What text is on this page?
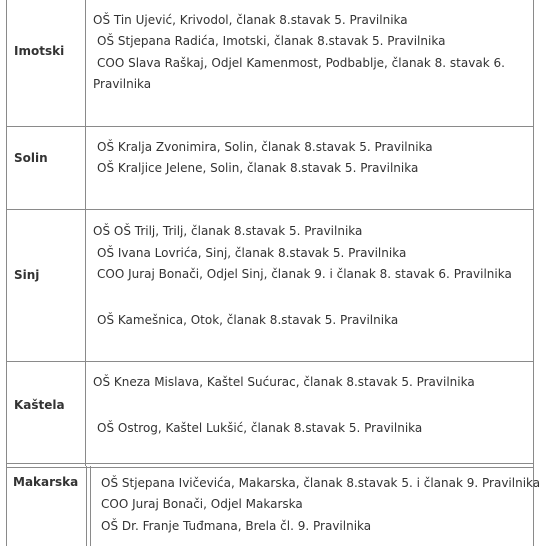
Imotski
OŠ Tin Ujević, Krivodol, članak 8.stavak 5. Pravilnika
OŠ Stjepana Radića, Imotski, članak 8.stavak 5. Pravilnika
COO Slava Raškaj, Odjel Kamenmost, Podbablje, članak 8. stavak 6.
Pravilnika
Solin
OŠ Kralja Zvonimira, Solin, članak 8.stavak 5. Pravilnika
OŠ Kraljice Jelene, Solin, članak 8.stavak 5. Pravilnika
Sinj
OŠ OŠ Trilj, Trilj, članak 8.stavak 5. Pravilnika
OŠ Ivana Lovrića, Sinj, članak 8.stavak 5. Pravilnika
COO Juraj Bonači, Odjel Sinj, članak 9. i članak 8. stavak 6. Pravilnika
OŠ Kamešnica, Otok, članak 8.stavak 5. Pravilnika
Kaštela
OŠ Kneza Mislava, Kaštel Sućurac, članak 8.stavak 5. Pravilnika
OŠ Ostrog, Kaštel Lukšić, članak 8.stavak 5. Pravilnika
Makarska OŠ Stjepana Ivičevića, Makarska, članak 8.stavak 5. i članak 9. Pravilnika
COO Juraj Bonači, Odjel Makarska
OŠ Dr. Franje Tuđmana, Brela čl. 9. Pravilnika
